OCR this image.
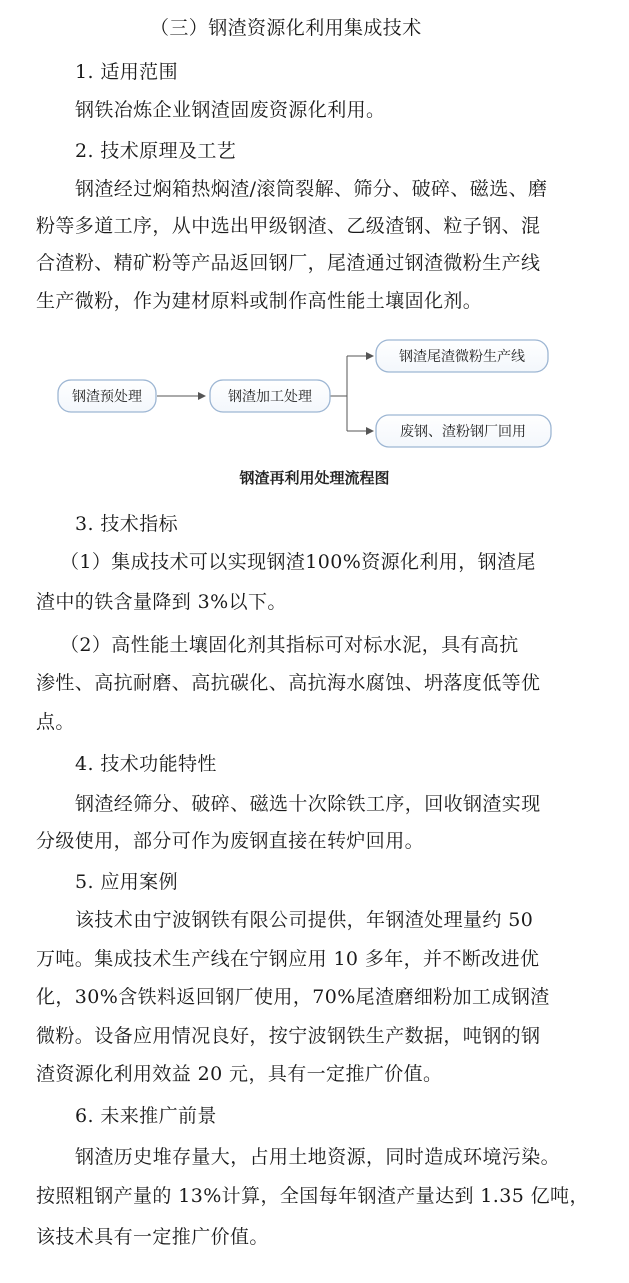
（三）钢渣资源化利用集成技术
1. 适用范围
钢铁冶炼企业钢渣固废资源化利用。
2. 技术原理及工艺
钢渣经过焖箱热焖渣/滚筒裂解、筛分、破碎、磁选、磨
粉等多道工序，从中选出甲级钢渣、乙级渣钢、粒子钢、混
合渣粉、精矿粉等产品返回钢厂，尾渣通过钢渣微粉生产线
生产微粉，作为建材原料或制作高性能土壤固化剂。
钢渣预处理	钢渣加工处理
钢渣尾渣微粉生产线
废钢、渣粉钢厂回用
钢渣再利用处理流程图
3. 技术指标
（1）集成技术可以实现钢渣100%资源化利用，钢渣尾
渣中的铁含量降到 3%以下。
（2）高性能土壤固化剂其指标可对标水泥，具有高抗
渗性、高抗耐磨、高抗碳化、高抗海水腐蚀、坍落度低等优
点。
4. 技术功能特性
钢渣经筛分、破碎、磁选十次除铁工序，回收钢渣实现
分级使用，部分可作为废钢直接在转炉回用。
5. 应用案例
该技术由宁波钢铁有限公司提供，年钢渣处理量约 50
万吨。集成技术生产线在宁钢应用 10 多年，并不断改进优
化，30%含铁料返回钢厂使用，70%尾渣磨细粉加工成钢渣
微粉。设备应用情况良好，按宁波钢铁生产数据，吨钢的钢
渣资源化利用效益 20 元，具有一定推广价值。
6. 未来推广前景
钢渣历史堆存量大，占用土地资源，同时造成环境污染。
按照粗钢产量的 13%计算，全国每年钢渣产量达到 1.35 亿吨，
该技术具有一定推广价值。
